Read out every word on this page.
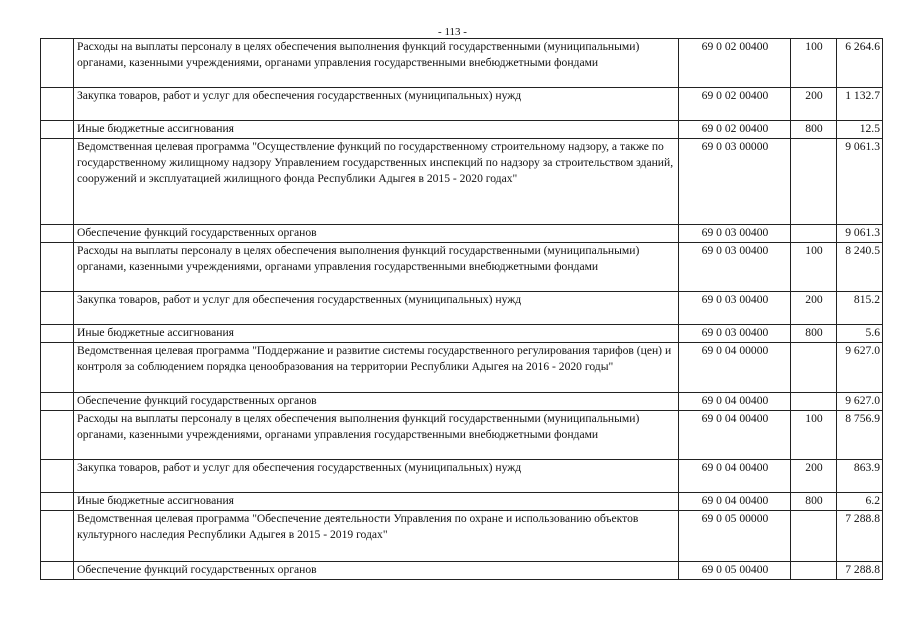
- 113 -
	Расходы на выплаты персоналу в целях обеспечения выполнения функций государственными (муниципальными) органами, казенными учреждениями, органами управления государственными внебюджетными фондами	69 0 02 00400	100	6 264.6
	Закупка товаров, работ и услуг для обеспечения государственных (муниципальных) нужд	69 0 02 00400	200	1 132.7
	Иные бюджетные ассигнования	69 0 02 00400	800	12.5
	Ведомственная целевая программа "Осуществление функций по государственному строительному надзору, а также по государственному жилищному надзору Управлением государственных инспекций по надзору за строительством зданий, сооружений и эксплуатацией жилищного фонда Республики Адыгея в 2015 - 2020 годах"	69 0 03 00000		9 061.3
	Обеспечение функций государственных органов	69 0 03 00400		9 061.3
	Расходы на выплаты персоналу в целях обеспечения выполнения функций государственными (муниципальными) органами, казенными учреждениями, органами управления государственными внебюджетными фондами	69 0 03 00400	100	8 240.5
	Закупка товаров, работ и услуг для обеспечения государственных (муниципальных) нужд	69 0 03 00400	200	815.2
	Иные бюджетные ассигнования	69 0 03 00400	800	5.6
	Ведомственная целевая программа "Поддержание и развитие системы государственного регулирования тарифов (цен) и контроля за соблюдением порядка ценообразования на территории Республики Адыгея на 2016 - 2020 годы"	69 0 04 00000		9 627.0
	Обеспечение функций государственных органов	69 0 04 00400		9 627.0
	Расходы на выплаты персоналу в целях обеспечения выполнения функций государственными (муниципальными) органами, казенными учреждениями, органами управления государственными внебюджетными фондами	69 0 04 00400	100	8 756.9
	Закупка товаров, работ и услуг для обеспечения государственных (муниципальных) нужд	69 0 04 00400	200	863.9
	Иные бюджетные ассигнования	69 0 04 00400	800	6.2
	Ведомственная целевая программа "Обеспечение деятельности Управления по охране и использованию объектов культурного наследия Республики Адыгея в 2015 - 2019 годах"	69 0 05 00000		7 288.8
	Обеспечение функций государственных органов	69 0 05 00400		7 288.8
